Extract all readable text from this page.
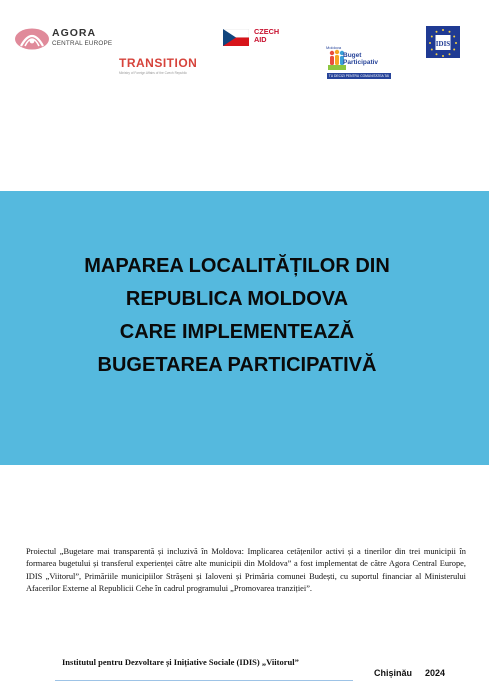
AGORA
CENTRAL EUROPE
TRANSITION
Ministry of Foreign Affairs of the Czech Republic
CZECH
AID
Moldova
Buget
Participativ
TU DECIZI PENTRU COMUNITATEA TA!
IDIS
MAPAREA LOCALITĂȚILOR DIN
REPUBLICA MOLDOVA
CARE IMPLEMENTEAZĂ
BUGETAREA PARTICIPATIVĂ
Proiectul „Bugetare mai transparentă și incluzivă în Moldova: Implicarea cetățenilor activi și a tinerilor din trei municipii în formarea bugetului și transferul experienței către alte municipii din Moldova” a fost implementat de către Agora Central Europe, IDIS „Viitorul”, Primăriile municipiilor Strășeni și Ialoveni și Primăria comunei Budești, cu suportul financiar al Ministerului Afacerilor Externe al Republicii Cehe în cadrul programului „Promovarea tranziției”.
Institutul pentru Dezvoltare și Inițiative Sociale (IDIS) „Viitorul”
Chișinău 2024
